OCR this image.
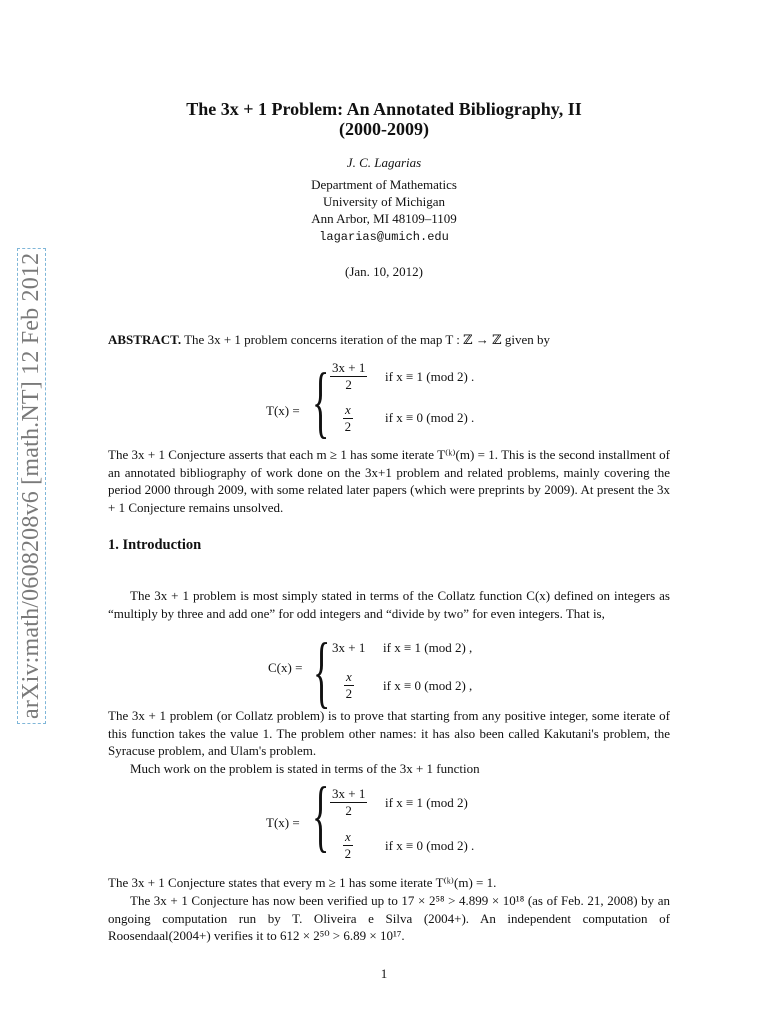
arXiv:math/0608208v6 [math.NT] 12 Feb 2012
The 3x + 1 Problem: An Annotated Bibliography, II
(2000-2009)
J. C. Lagarias
Department of Mathematics
University of Michigan
Ann Arbor, MI 48109–1109
lagarias@umich.edu
(Jan. 10, 2012)
ABSTRACT. The 3x + 1 problem concerns iteration of the map T : ℤ → ℤ given by
T(x) = { $\frac{3x + 1}{2}$ if x ≡ 1 (mod 2) .
$\frac{x}{2}$ if x ≡ 0 (mod 2) .
The 3x + 1 Conjecture asserts that each m ≥ 1 has some iterate T⁽ᵏ⁾(m) = 1. This is the second installment of an annotated bibliography of work done on the 3x+1 problem and related problems, mainly covering the period 2000 through 2009, with some related later papers (which were preprints by 2009). At present the 3x + 1 Conjecture remains unsolved.
1. Introduction
The 3x + 1 problem is most simply stated in terms of the Collatz function C(x) defined on integers as “multiply by three and add one” for odd integers and “divide by two” for even integers. That is,
C(x) = { 3x + 1 if x ≡ 1 (mod 2) ,
$\frac{x}{2}$ if x ≡ 0 (mod 2) ,
The 3x + 1 problem (or Collatz problem) is to prove that starting from any positive integer, some iterate of this function takes the value 1. The problem other names: it has also been called Kakutani's problem, the Syracuse problem, and Ulam's problem.
Much work on the problem is stated in terms of the 3x + 1 function
T(x) = { $\frac{3x + 1}{2}$ if x ≡ 1 (mod 2)
$\frac{x}{2}$ if x ≡ 0 (mod 2) .
The 3x + 1 Conjecture states that every m ≥ 1 has some iterate T⁽ᵏ⁾(m) = 1.
The 3x + 1 Conjecture has now been verified up to 17 × 2⁵⁸ > 4.899 × 10¹⁸ (as of Feb. 21, 2008) by an ongoing computation run by T. Oliveira e Silva (2004+). An independent computation of Roosendaal(2004+) verifies it to 612 × 2⁵⁰ > 6.89 × 10¹⁷.
1
